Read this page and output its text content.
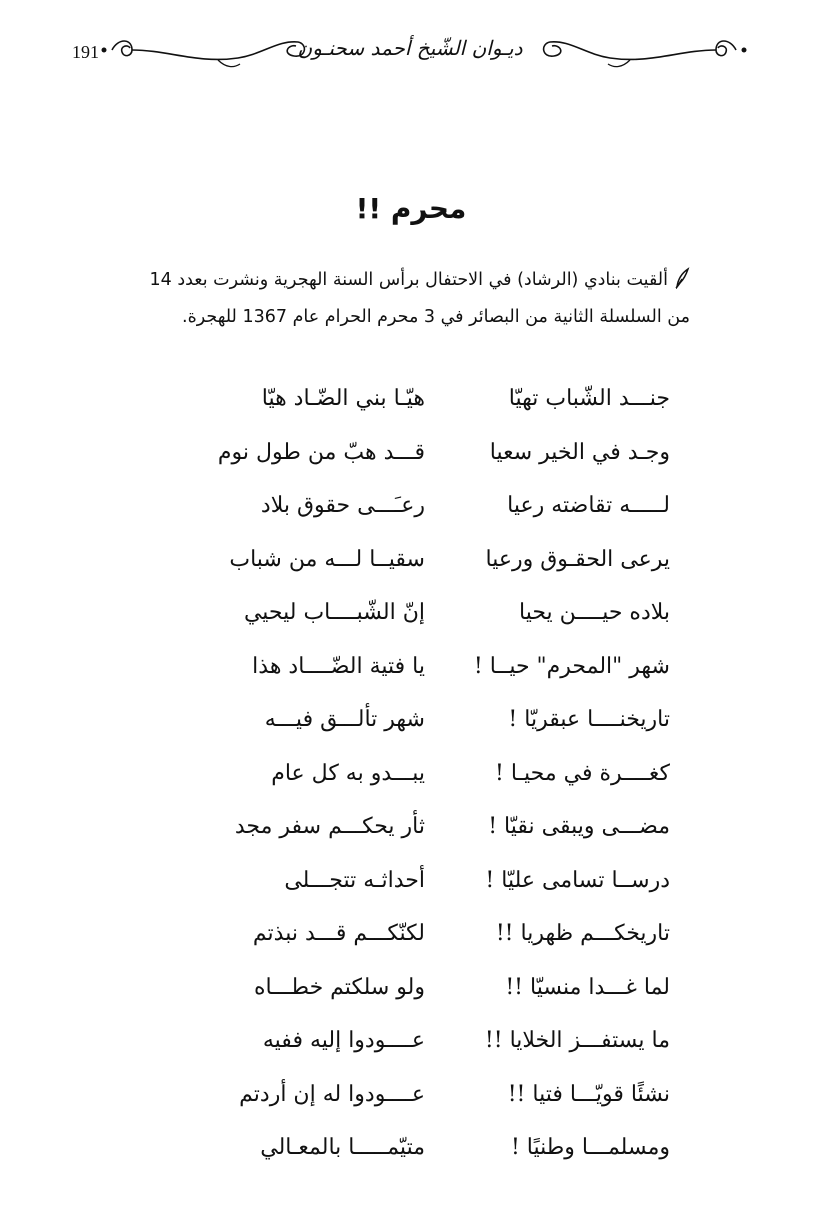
191	ديـوان الشّيخ أحمد سحنـون
محرم !!
ألقيت بنادي (الرشاد) في الاحتفال برأس السنة الهجرية ونشرت بعدد 14
من السلسلة الثانية من البصائر في 3 محرم الحرام عام 1367 للهجرة.
هيّـا بني الضّـاد هيّا	جنـــد الشّباب تهيّا
قـــد هبّ من طول نوم	وجـد في الخير سعيا
رعـَـــى حقوق بلاد	لـــــه تقاضته رعيا
سقيــا لـــه من شباب	يرعى الحقـوق ورعيا
إنّ الشّبــــاب ليحيي	بلاده حيــــن يحيا
يا فتية الضّــــاد هذا	شهر "المحرم" حيــا !
شهر تألـــق فيـــه	تاريخنــــا عبقريّا !
يبـــدو به كل عام	كغــــرة في محيـا !
ثأر يحكـــم سفر مجد	مضـــى ويبقى نقيّا !
أحداثـه تتجـــلى	درســا تسامى عليّا !
لكنّكـــم قـــد نبذتم	تاريخكـــم ظهريا !!
ولو سلكتم خطـــاه	لما غـــدا منسيّا !!
عــــودوا إليه ففيه	ما يستفـــز الخلايا !!
عــــودوا له إن أردتم	نشئًا قويّـــا فتيا !!
متيّمـــــا بالمعـالي	ومسلمـــا وطنيًا !
